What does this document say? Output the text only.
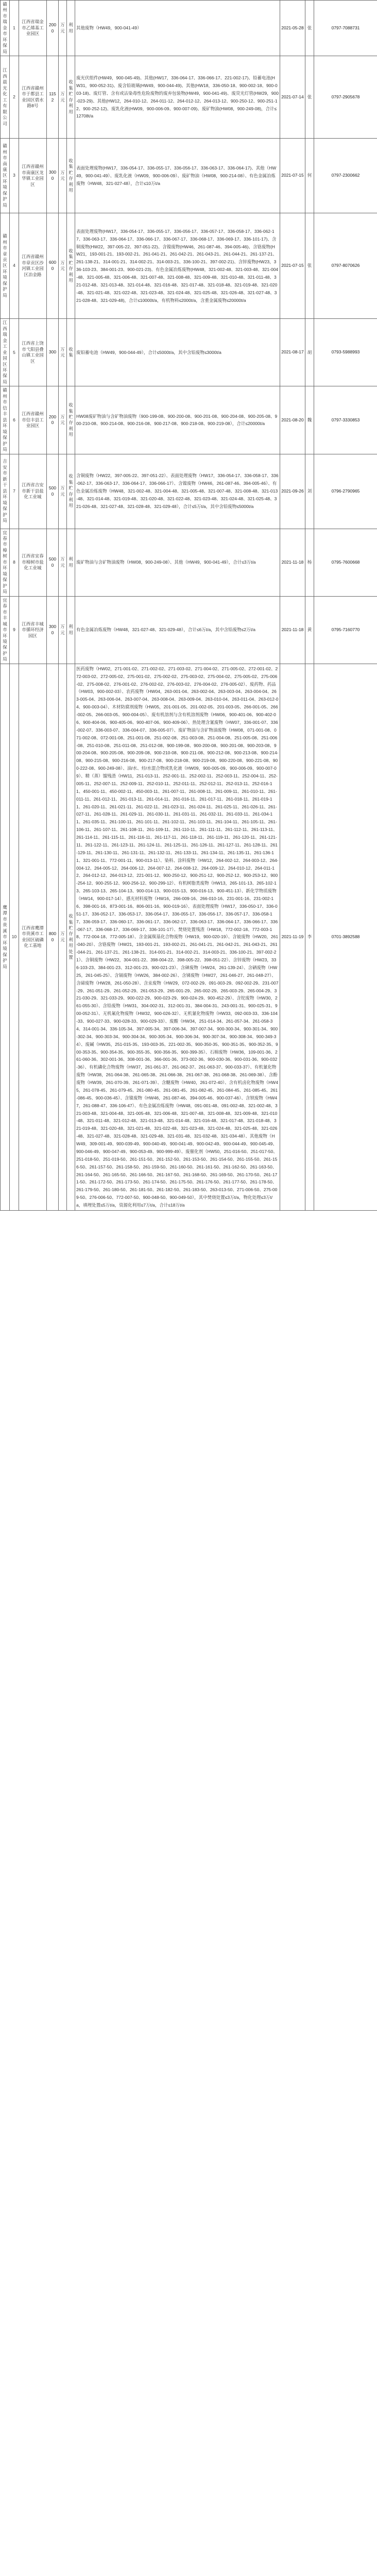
赣州市瑞金市环保局	1	江西省瑞金市乙烯基工业园区	2000	万元	利用	其他废物（HW49，900-041-49）	2021-05-28	张	0797-7088731
江西晨光化工有限公司	2	江西省赣州市于都县工业园区碧水路8号	1152	万元	收集贮存利用	废光伏组件(HW49，900-045-49)、其他(HW17，336-064-17、336-066-17、221-002-17)、铅蓄电池(HW31，900-052-31)、废含铅玻璃(HW49，900-044-49)、其他(HW18，336-050-18、900-002-18、900-003-18)、废灯管、含有或沾染毒性危险废物的废弃包装物(HW49，900-041-49)、废荧光灯管(HW29，900-023-29)、其他(HW12，264-010-12、264-011-12、264-012-12、264-013-12、900-250-12、900-251-12、900-252-12)、废乳化液(HW09，900-006-09、900-007-09)、废矿物油(HW08，900-249-08)，合计≤12708t/a	2021-07-14	张	0797-2905678
赣州市南康区环境保护局	3	江西省赣州市南康区龙华镇工业园区	3000	万元	收集贮存利用	表面处理废物(HW17，336-054-17、336-055-17、336-056-17、336-063-17、336-064-17)、其他（HW49，900-041-49）、废乳化液（HW09，900-006-09）、废矿物油（HW08，900-214-08）、有色金属冶炼废物（HW48，321-027-48），合计≤10万t/a	2021-07-15	何	0797-2300662
赣州市章贡区环境保护局	4	江西省赣州市章贡区沙河镇工业园区冶金路	6000	万元	收集贮存利用	表面处理废物(HW17，336-054-17、336-055-17、336-056-17、336-057-17、336-058-17、336-062-17、336-063-17、336-064-17、336-066-17、336-067-17、336-068-17、336-069-17、336-101-17)、含铜废物(HW22，397-005-22、397-051-22)、含镍废物(HW46，261-087-46、394-005-46)、含铬废物(HW21，193-001-21、193-002-21、261-041-21、261-042-21、261-043-21、261-044-21、261-137-21、261-138-21、314-001-21、314-002-21、314-003-21、336-100-21、397-002-21)、含锌废物(HW23，336-103-23、384-001-23、900-021-23)、有色金属冶炼废物(HW48，321-002-48、321-003-48、321-004-48、321-005-48、321-006-48、321-007-48、321-008-48、321-009-48、321-010-48、321-011-48、321-012-48、321-013-48、321-014-48、321-016-48、321-017-48、321-018-48、321-019-48、321-020-48、321-021-48、321-022-48、321-023-48、321-024-48、321-025-48、321-026-48、321-027-48、321-028-48、321-029-48)，合计≤10000t/a，有机物料≤2000t/a，含重金属废物≤20000t/a	2021-07-15	张	0797-8070626
江西瑞金工业园区环保局	5	江西省上饶市弋阳县叠山镇工业园区	300	万元	收集	废铅蓄电池（HW49，900-044-49），合计≤5000t/a，其中含铅废物≤3000t/a	2021-08-17	胡	0793-5988993
赣州市信丰县环境保护局	6	江西省赣州市信丰县工业园区	2000	万元	收集贮存利用	HW08废矿物油与含矿物油废物（900-199-08、900-200-08、900-201-08、900-204-08、900-205-08、900-210-08、900-214-08、900-216-08、900-217-08、900-218-08、900-219-08），合计≤20000t/a	2021-08-20	魏	0797-3330853
吉安市新干县环境保护局	7	江西省吉安市新干县盐化工业城	5000	万元	收集贮存利用	含铜废物（HW22，397-005-22、397-051-22）、表面处理废物（HW17，336-054-17、336-058-17、336-062-17、336-063-17、336-064-17、336-066-17）、含镍废物（HW46，261-087-46、394-005-46）、有色金属冶炼废物（HW48，321-002-48、321-004-48、321-005-48、321-007-48、321-008-48、321-013-48、321-014-48、321-019-48、321-020-48、321-022-48、321-023-48、321-024-48、321-025-48、321-026-48、321-027-48、321-028-48、321-029-48），合计≤5万t/a，其中含铅废物≤5000t/a	2021-09-26	刘	0796-2790965
宜春市樟树市环境保护局	8	江西省宜春市樟树市盐化工业城	5000	万元	利用	废矿物油与含矿物油废物（HW08，900-249-08）、其他（HW49，900-041-49），合计≤3万t/a	2021-11-18	杨	0795-7600668
宜春市丰城市环境保护局	9	江西省丰城市循环经济园区	3000	万元	利用	有色金属冶炼废物（HW48，321-027-48、321-029-48），合计≤6万t/a，其中含铅废物≤2万t/a	2021-11-18	黄	0795-7160770
鹰潭市贵溪市环境保护局	10	江西省鹰潭市贵溪市工业园区硫磷化工基地	8000	万元	收集贮存利用处置	医药废物（HW02，271-001-02、271-002-02、271-003-02、271-004-02、271-005-02、272-001-02、272-003-02、272-005-02、275-001-02、275-002-02、275-003-02、275-004-02、275-005-02、275-006-02、275-008-02、276-001-02、276-002-02、276-003-02、276-004-02、276-005-02）、废药物、药品（HW03，900-002-03）、农药废物（HW04，263-001-04、263-002-04、263-003-04、263-004-04、263-005-04、263-006-04、263-007-04、263-008-04、263-009-04、263-010-04、263-011-04、263-012-04、900-003-04）、木材防腐剂废物（HW05，201-001-05、201-002-05、201-003-05、266-001-05、266-002-05、266-003-05、900-004-05）、废有机溶剂与含有机溶剂废物（HW06，900-401-06、900-402-06、900-404-06、900-405-06、900-407-06、900-409-06）、热处理含氰废物（HW07，336-001-07、336-002-07、336-003-07、336-004-07、336-005-07）、废矿物油与含矿物油废物（HW08，071-001-08、071-002-08、072-001-08、251-001-08、251-002-08、251-003-08、251-004-08、251-005-08、251-006-08、251-010-08、251-011-08、251-012-08、900-199-08、900-200-08、900-201-08、900-203-08、900-204-08、900-205-08、900-209-08、900-210-08、900-211-08、900-212-08、900-213-08、900-214-08、900-215-08、900-216-08、900-217-08、900-218-08、900-219-08、900-220-08、900-221-08、900-222-08、900-249-08）、油/水、烃/水混合物或乳化液（HW09，900-005-09、900-006-09、900-007-09）、精（蒸）馏残渣（HW11，251-013-11、252-001-11、252-002-11、252-003-11、252-004-11、252-005-11、252-007-11、252-009-11、252-010-11、252-011-11、252-012-11、252-013-11、252-016-11、450-001-11、450-002-11、450-003-11、261-007-11、261-008-11、261-009-11、261-010-11、261-011-11、261-012-11、261-013-11、261-014-11、261-016-11、261-017-11、261-018-11、261-019-11、261-020-11、261-021-11、261-022-11、261-023-11、261-024-11、261-025-11、261-026-11、261-027-11、261-028-11、261-029-11、261-030-11、261-031-11、261-032-11、261-033-11、261-034-11、261-035-11、261-100-11、261-101-11、261-102-11、261-103-11、261-104-11、261-105-11、261-106-11、261-107-11、261-108-11、261-109-11、261-110-11、261-111-11、261-112-11、261-113-11、261-114-11、261-115-11、261-116-11、261-117-11、261-118-11、261-119-11、261-120-11、261-121-11、261-122-11、261-123-11、261-124-11、261-125-11、261-126-11、261-127-11、261-128-11、261-129-11、261-130-11、261-131-11、261-132-11、261-133-11、261-134-11、261-135-11、261-136-11、321-001-11、772-001-11、900-013-11）、染料、涂料废物（HW12，264-002-12、264-003-12、264-004-12、264-005-12、264-006-12、264-007-12、264-008-12、264-009-12、264-010-12、264-011-12、264-012-12、264-013-12、221-001-12、900-250-12、900-251-12、900-252-12、900-253-12、900-254-12、900-255-12、900-256-12、900-299-12）、有机树脂类废物（HW13，265-101-13、265-102-13、265-103-13、265-104-13、900-014-13、900-015-13、900-016-13、900-451-13）、新化学物质废物（HW14，900-017-14）、感光材料废物（HW16，266-009-16、266-010-16、231-001-16、231-002-16、398-001-16、873-001-16、806-001-16、900-019-16）、表面处理废物（HW17，336-050-17、336-051-17、336-052-17、336-053-17、336-054-17、336-055-17、336-056-17、336-057-17、336-058-17、336-059-17、336-060-17、336-061-17、336-062-17、336-063-17、336-064-17、336-066-17、336-067-17、336-068-17、336-069-17、336-101-17）、焚烧处置残渣（HW18，772-002-18、772-003-18、772-004-18、772-005-18）、含金属羰基化合物废物（HW19，900-020-19）、含铍废物（HW20，261-040-20）、含铬废物（HW21，193-001-21、193-002-21、261-041-21、261-042-21、261-043-21、261-044-21、261-137-21、261-138-21、314-001-21、314-002-21、314-003-21、336-100-21、397-002-21）、含铜废物（HW22，304-001-22、398-004-22、398-005-22、398-051-22）、含锌废物（HW23，336-103-23、384-001-23、312-001-23、900-021-23）、含砷废物（HW24，261-139-24）、含硒废物（HW25，261-045-25）、含镉废物（HW26，384-002-26）、含锑废物（HW27，261-046-27、261-048-27）、含碲废物（HW28，261-050-28）、含汞废物（HW29，072-002-29、091-003-29、092-002-29、231-007-29、261-051-29、261-052-29、261-053-29、265-001-29、265-002-29、265-003-29、265-004-29、321-030-29、321-033-29、900-022-29、900-023-29、900-024-29、900-452-29）、含铊废物（HW30，261-055-30）、含铅废物（HW31，304-002-31、312-001-31、384-004-31、243-001-31、900-025-31、900-052-31）、无机氟化物废物（HW32，900-026-32）、无机氰化物废物（HW33，092-003-33、336-104-33、900-027-33、900-028-33、900-029-33）、废酸（HW34，251-014-34、261-057-34、261-058-34、314-001-34、336-105-34、397-005-34、397-006-34、397-007-34、900-300-34、900-301-34、900-302-34、900-303-34、900-304-34、900-305-34、900-306-34、900-307-34、900-308-34、900-349-34）、废碱（HW35，251-015-35、193-003-35、221-002-35、900-350-35、900-351-35、900-352-35、900-353-35、900-354-35、900-355-35、900-356-35、900-399-35）、石棉废物（HW36，109-001-36、261-060-36、302-001-36、308-001-36、366-001-36、373-002-36、900-030-36、900-031-36、900-032-36）、有机磷化合物废物（HW37，261-061-37、261-062-37、261-063-37、900-033-37）、有机氰化物废物（HW38，261-064-38、261-065-38、261-066-38、261-067-38、261-068-38、261-069-38）、含酚废物（HW39，261-070-39、261-071-39）、含醚废物（HW40，261-072-40）、含有机卤化物废物（HW45，261-078-45、261-079-45、261-080-45、261-081-45、261-082-45、261-084-45、261-085-45、261-086-45、900-036-45）、含镍废物（HW46，261-087-46、394-005-46、900-037-46）、含钡废物（HW47，261-088-47、336-106-47）、有色金属冶炼废物（HW48，091-001-48、091-002-48、321-002-48、321-003-48、321-004-48、321-005-48、321-006-48、321-007-48、321-008-48、321-009-48、321-010-48、321-011-48、321-012-48、321-013-48、321-014-48、321-016-48、321-017-48、321-018-48、321-019-48、321-020-48、321-021-48、321-022-48、321-023-48、321-024-48、321-025-48、321-026-48、321-027-48、321-028-48、321-029-48、321-031-48、321-032-48、321-034-48）、其他废物（HW49，309-001-49、900-039-49、900-040-49、900-041-49、900-042-49、900-044-49、900-045-49、900-046-49、900-047-49、900-053-49、900-999-49）、废催化剂（HW50，251-016-50、251-017-50、251-018-50、251-019-50、261-151-50、261-152-50、261-153-50、261-154-50、261-155-50、261-156-50、261-157-50、261-158-50、261-159-50、261-160-50、261-161-50、261-162-50、261-163-50、261-164-50、261-165-50、261-166-50、261-167-50、261-168-50、261-169-50、261-170-50、261-171-50、261-172-50、261-173-50、261-174-50、261-175-50、261-176-50、261-177-50、261-178-50、261-179-50、261-180-50、261-181-50、261-182-50、261-183-50、263-013-50、271-006-50、275-009-50、276-006-50、772-007-50、900-048-50、900-049-50），其中焚烧处置≤3万t/a，物化处理≤3万t/a，填埋处置≤5万t/a，资源化利用≤7万t/a，合计≤18万t/a	2021-11-19	李	0701-3892588
